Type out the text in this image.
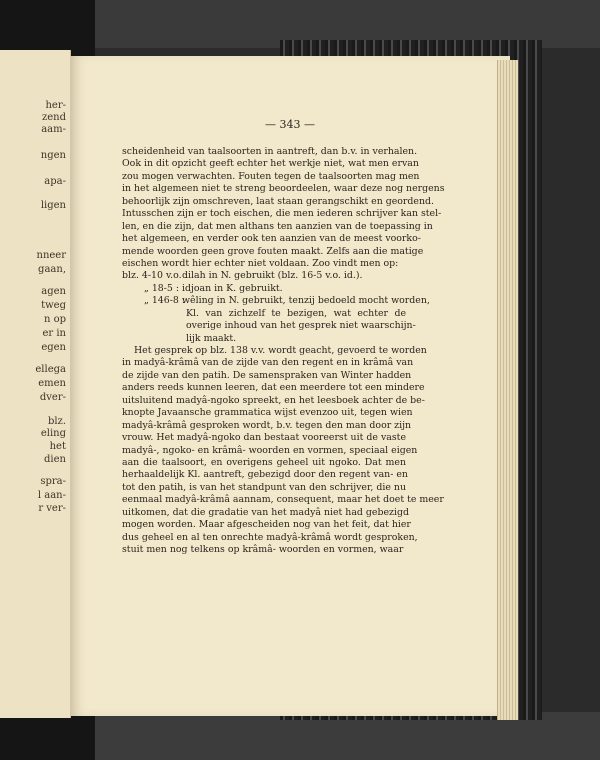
her-
zend
aam-
ngen
apa-
ligen
nneer
gaan,
agen
tweg
n op
er in
egen
ellega
emen
dver-
blz.
eling
het
dien
spra-
l aan-
r ver-
— 343 —
scheidenheid van taalsoorten in aantreft, dan b.v. in verhalen.
Ook in dit opzicht geeft echter het werkje niet, wat men ervan
zou mogen verwachten. Fouten tegen de taalsoorten mag men
in het algemeen niet te streng beoordeelen, waar deze nog nergens
behoorlijk zijn omschreven, laat staan gerangschikt en geordend.
Intusschen zijn er toch eischen, die men iederen schrijver kan stel-
len, en die zijn, dat men althans ten aanzien van de toepassing in
het algemeen, en verder ook ten aanzien van de meest voorko-
mende woorden geen grove fouten maakt. Zelfs aan die matige
eischen wordt hier echter niet voldaan. Zoo vindt men op:
blz. 4-10 v.o. :
dilah in N. gebruikt (blz. 16-5 v.o. id.).
„ 18-5 : idjoan in K. gebruikt.
„ 146-8 :
wêling in N. gebruikt, tenzij bedoeld mocht worden,
Kl. van zichzelf te bezigen, wat echter de
overige inhoud van het gesprek niet waarschijn-
lijk maakt.
Het gesprek op blz. 138 v.v. wordt geacht, gevoerd te worden
in madyâ-krâmâ van de zijde van den regent en in krâmâ van
de zijde van den patih. De samenspraken van Winter hadden
anders reeds kunnen leeren, dat een meerdere tot een mindere
uitsluitend madyâ-ngoko spreekt, en het leesboek achter de be-
knopte Javaansche grammatica wijst evenzoo uit, tegen wien
madyâ-krâmâ gesproken wordt, b.v. tegen den man door zijn
vrouw. Het madyâ-ngoko dan bestaat vooreerst uit de vaste
madyâ-, ngoko- en krâmâ- woorden en vormen, speciaal eigen
aan die taalsoort, en overigens geheel uit ngoko. Dat men
herhaaldelijk Kl. aantreft, gebezigd door den regent van- en
tot den patih, is van het standpunt van den schrijver, die nu
eenmaal madyâ-krâmâ aannam, consequent, maar het doet te meer
uitkomen, dat die gradatie van het madyâ niet had gebezigd
mogen worden. Maar afgescheiden nog van het feit, dat hier
dus geheel en al ten onrechte madyâ-krâmâ wordt gesproken,
stuit men nog telkens op krâmâ- woorden en vormen, waar
